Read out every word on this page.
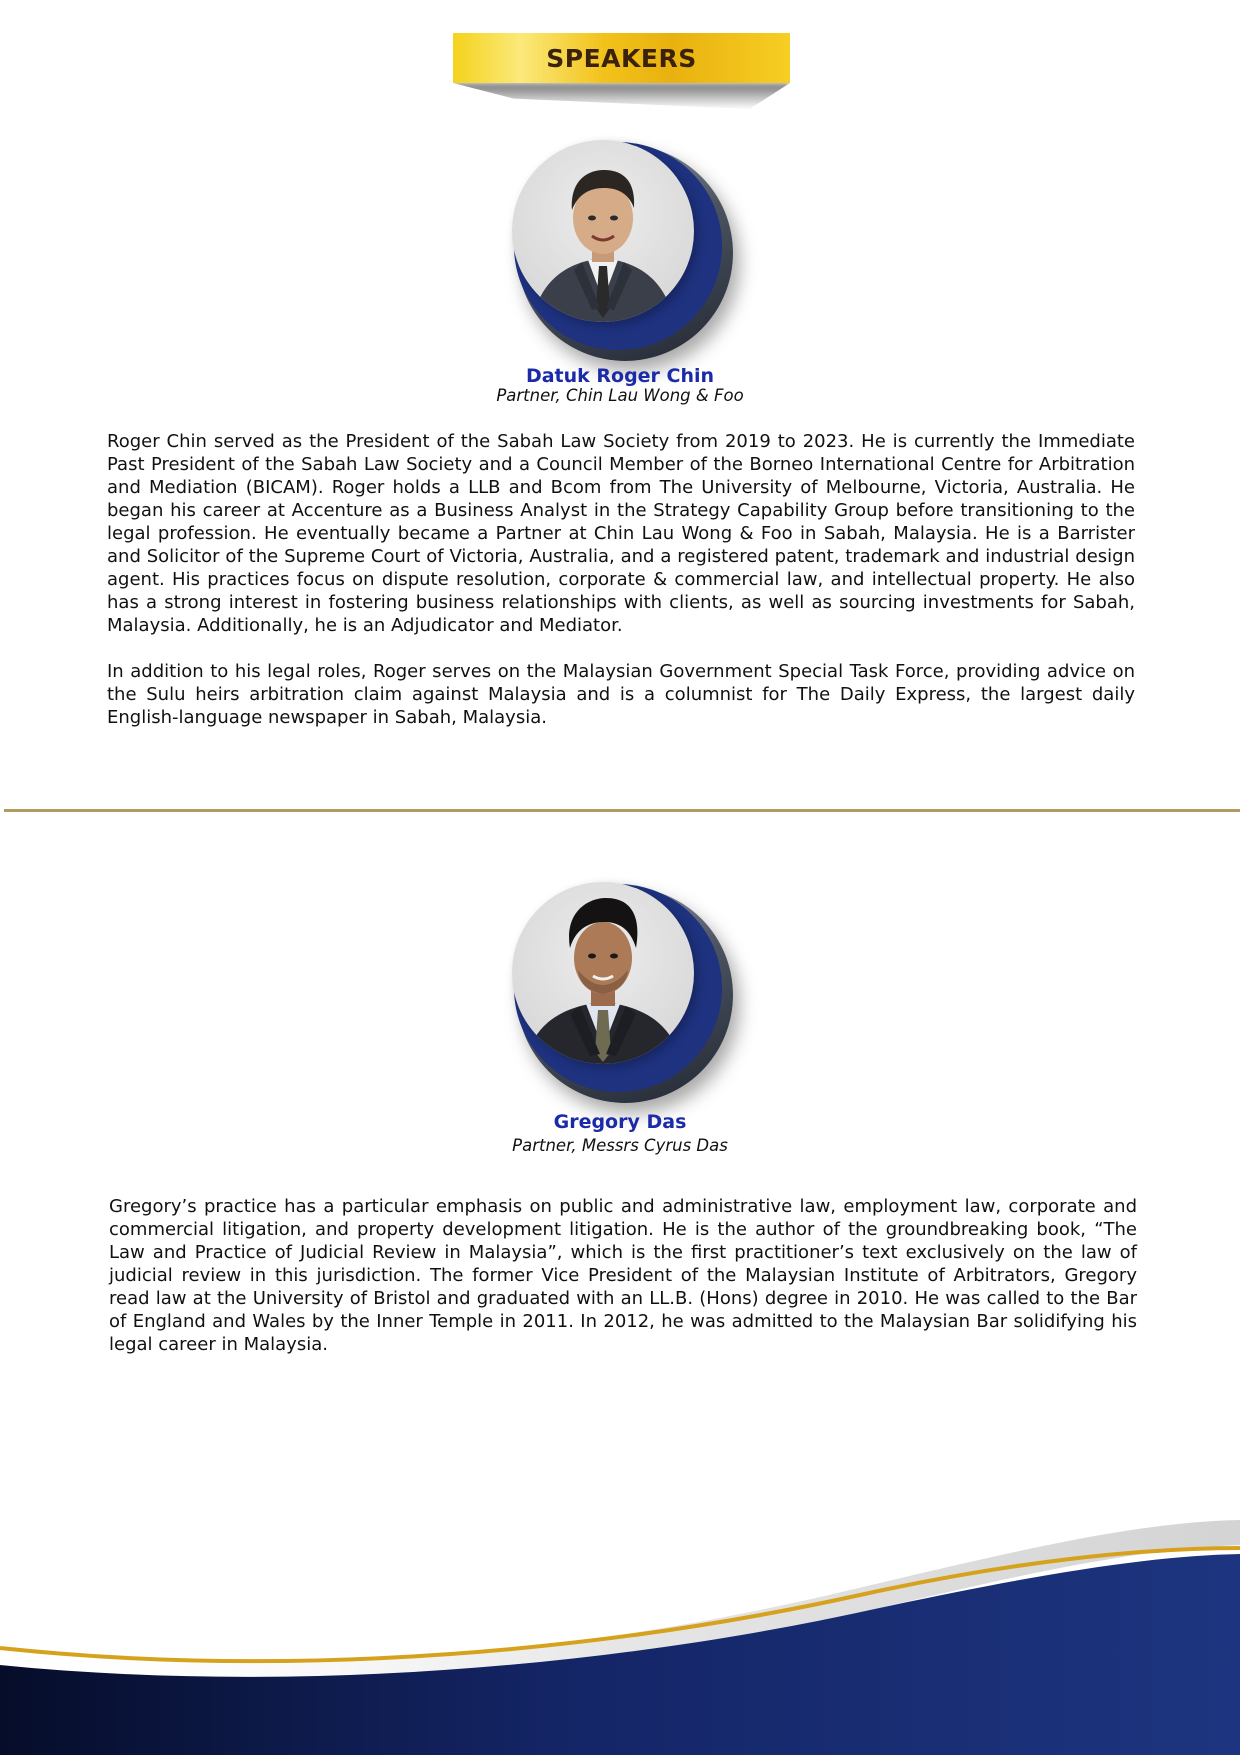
SPEAKERS
Datuk Roger Chin
Partner, Chin Lau Wong & Foo

Roger Chin served as the President of the Sabah Law Society from 2019 to 2023. He is currently the Immediate Past President of the Sabah Law Society and a Council Member of the Borneo International Centre for Arbitration and Mediation (BICAM). Roger holds a LLB and Bcom from The University of Melbourne, Victoria, Australia. He began his career at Accenture as a Business Analyst in the Strategy Capability Group before transitioning to the legal profession. He eventually became a Partner at Chin Lau Wong & Foo in Sabah, Malaysia. He is a Barrister and Solicitor of the Supreme Court of Victoria, Australia, and a registered patent, trademark and industrial design agent. His practices focus on dispute resolution, corporate & commercial law, and intellectual property. He also has a strong interest in fostering business relationships with clients, as well as sourcing investments for Sabah, Malaysia. Additionally, he is an Adjudicator and Mediator.

In addition to his legal roles, Roger serves on the Malaysian Government Special Task Force, providing advice on the Sulu heirs arbitration claim against Malaysia and is a columnist for The Daily Express, the largest daily English-language newspaper in Sabah, Malaysia.

Gregory Das
Partner, Messrs Cyrus Das

Gregory’s practice has a particular emphasis on public and administrative law, employment law, corporate and commercial litigation, and property development litigation. He is the author of the groundbreaking book, “The Law and Practice of Judicial Review in Malaysia”, which is the first practitioner’s text exclusively on the law of judicial review in this jurisdiction. The former Vice President of the Malaysian Institute of Arbitrators, Gregory read law at the University of Bristol and graduated with an LL.B. (Hons) degree in 2010. He was called to the Bar of England and Wales by the Inner Temple in 2011. In 2012, he was admitted to the Malaysian Bar solidifying his legal career in Malaysia.
